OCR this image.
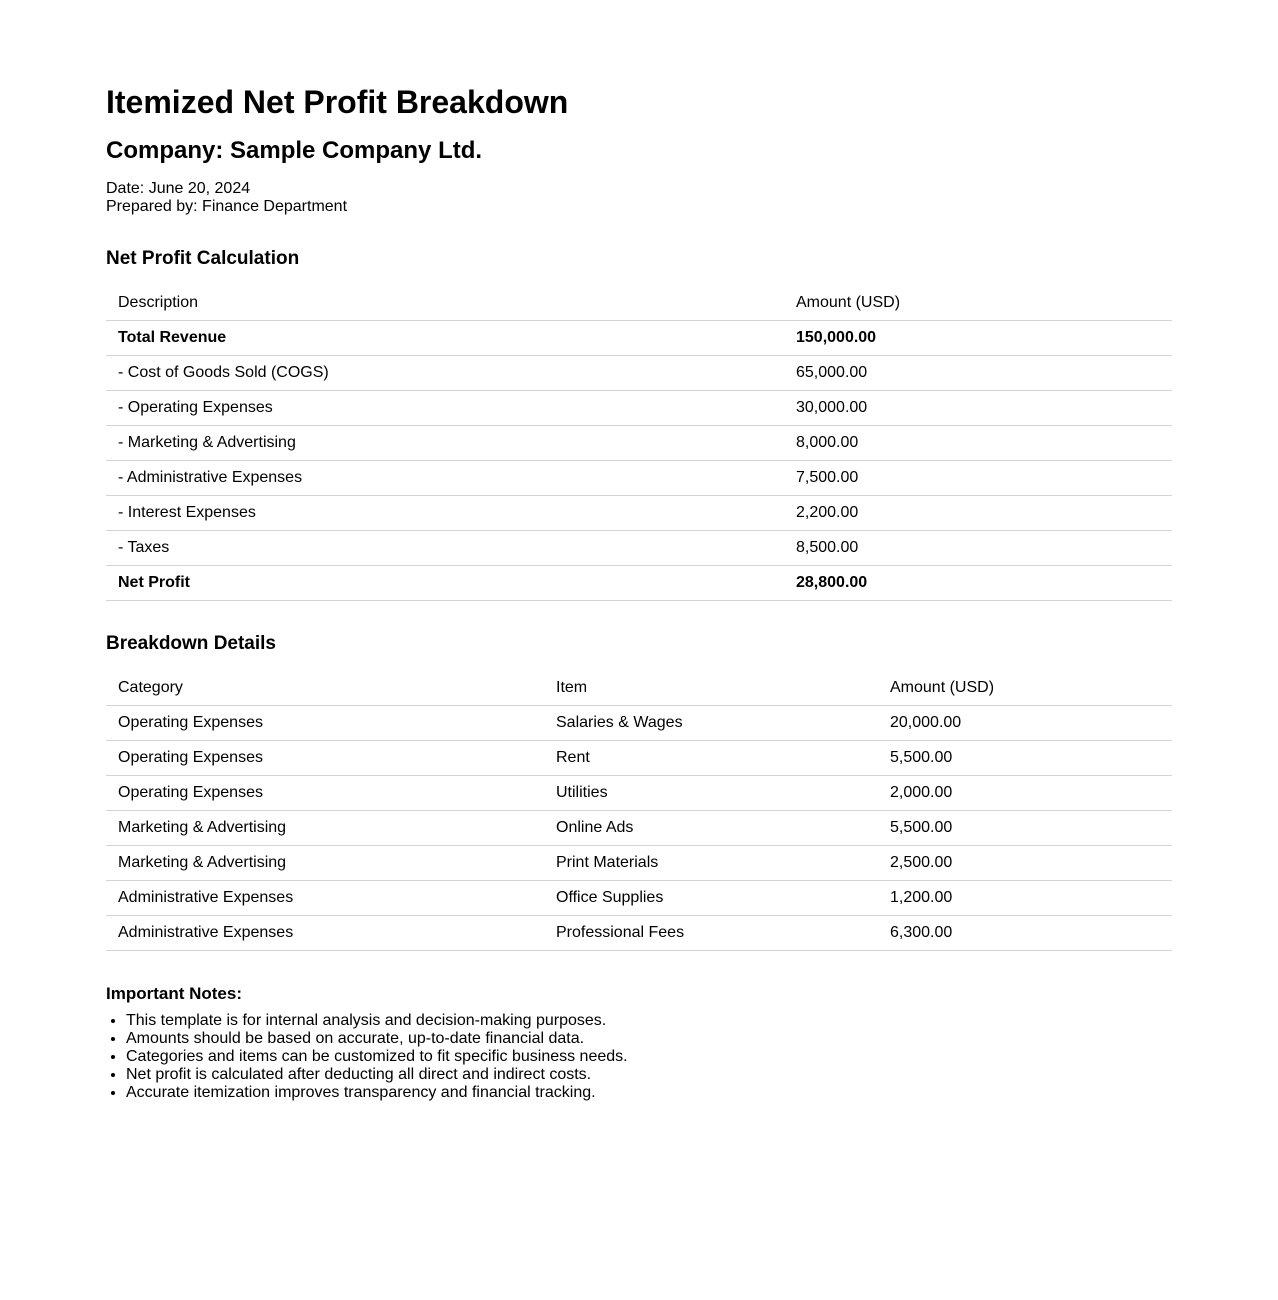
Itemized Net Profit Breakdown
Company: Sample Company Ltd.
Date: June 20, 2024
Prepared by: Finance Department
Net Profit Calculation
Description	Amount (USD)
Total Revenue	150,000.00
- Cost of Goods Sold (COGS)	65,000.00
- Operating Expenses	30,000.00
- Marketing & Advertising	8,000.00
- Administrative Expenses	7,500.00
- Interest Expenses	2,200.00
- Taxes	8,500.00
Net Profit	28,800.00
Breakdown Details
Category	Item	Amount (USD)
Operating Expenses	Salaries & Wages	20,000.00
Operating Expenses	Rent	5,500.00
Operating Expenses	Utilities	2,000.00
Marketing & Advertising	Online Ads	5,500.00
Marketing & Advertising	Print Materials	2,500.00
Administrative Expenses	Office Supplies	1,200.00
Administrative Expenses	Professional Fees	6,300.00
Important Notes:
• This template is for internal analysis and decision-making purposes.
• Amounts should be based on accurate, up-to-date financial data.
• Categories and items can be customized to fit specific business needs.
• Net profit is calculated after deducting all direct and indirect costs.
• Accurate itemization improves transparency and financial tracking.
